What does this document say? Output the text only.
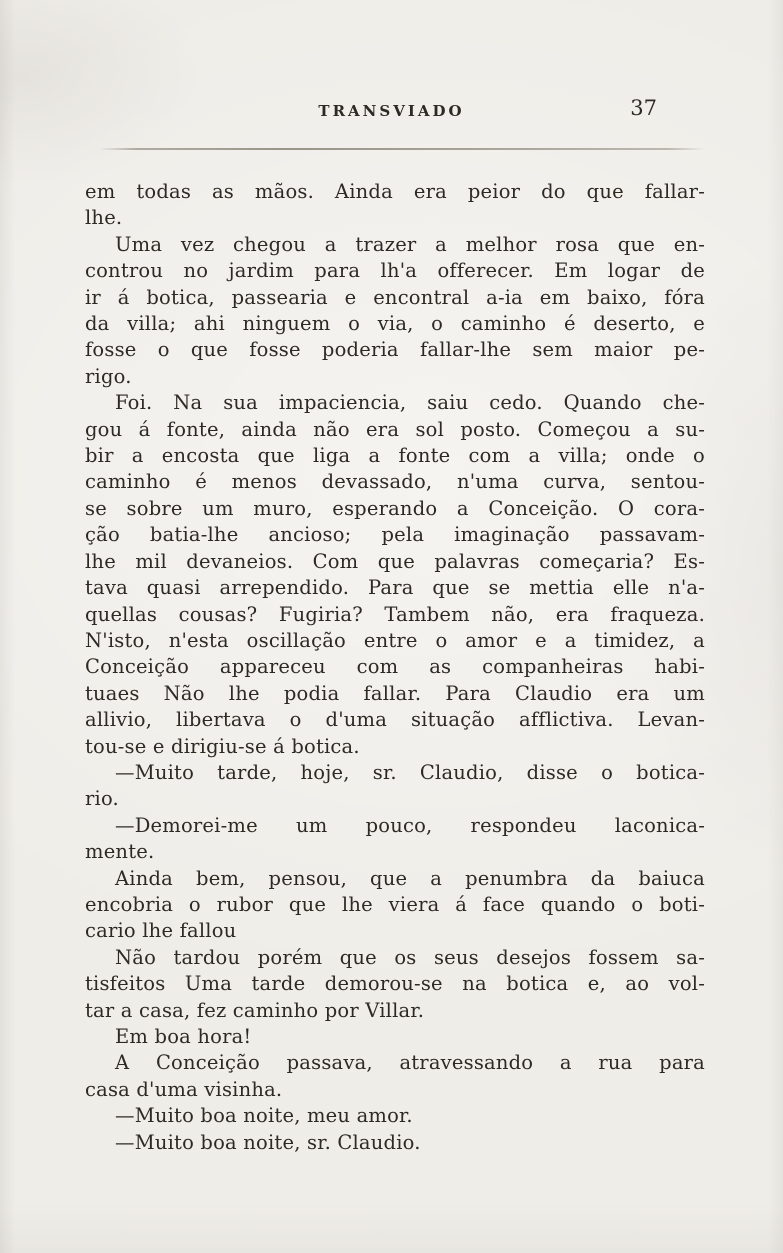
TRANSVIADO	37

em todas as mãos. Ainda era peior do que fallar-
lhe.

Uma vez chegou a trazer a melhor rosa que en-
controu no jardim para lh'a offerecer. Em logar de
ir á botica, passearia e encontral a-ia em baixo, fóra
da villa; ahi ninguem o via, o caminho é deserto, e
fosse o que fosse poderia fallar-lhe sem maior pe-
rigo.

Foi. Na sua impaciencia, saiu cedo. Quando che-
gou á fonte, ainda não era sol posto. Começou a su-
bir a encosta que liga a fonte com a villa; onde o
caminho é menos devassado, n'uma curva, sentou-
se sobre um muro, esperando a Conceição. O cora-
ção batia-lhe ancioso; pela imaginação passavam-
lhe mil devaneios. Com que palavras começaria? Es-
tava quasi arrependido. Para que se mettia elle n'a-
quellas cousas? Fugiria? Tambem não, era fraqueza.
N'isto, n'esta oscillação entre o amor e a timidez, a
Conceição appareceu com as companheiras habi-
tuaes Não lhe podia fallar. Para Claudio era um
allivio, libertava o d'uma situação afflictiva. Levan-
tou-se e dirigiu-se á botica.

—Muito tarde, hoje, sr. Claudio, disse o botica-
rio.

—Demorei-me um pouco, respondeu laconica-
mente.

Ainda bem, pensou, que a penumbra da baiuca
encobria o rubor que lhe viera á face quando o boti-
cario lhe fallou

Não tardou porém que os seus desejos fossem sa-
tisfeitos Uma tarde demorou-se na botica e, ao vol-
tar a casa, fez caminho por Villar.

Em boa hora!

A Conceição passava, atravessando a rua para
casa d'uma visinha.

—Muito boa noite, meu amor.

—Muito boa noite, sr. Claudio.
